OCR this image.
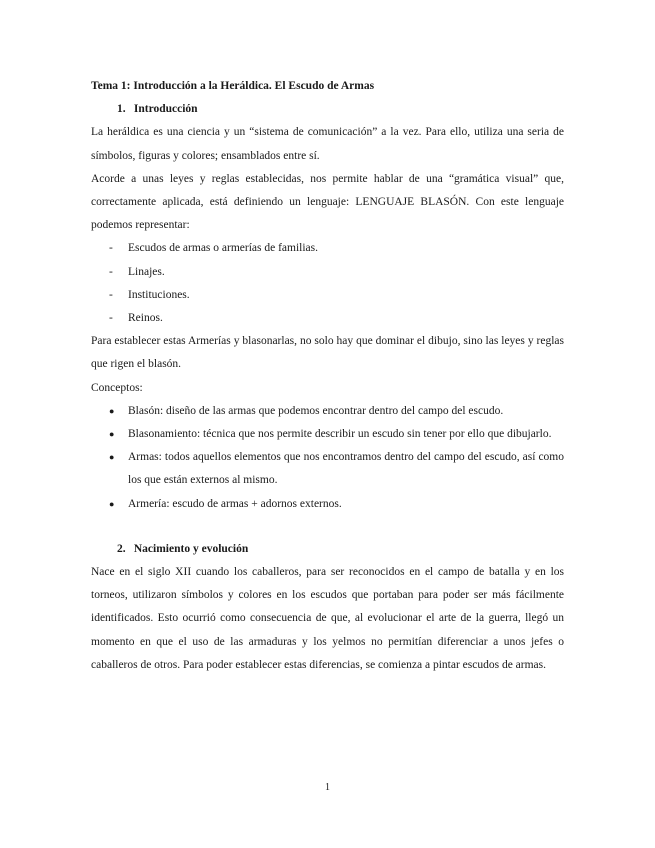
Tema 1: Introducción a la Heráldica. El Escudo de Armas

1. Introducción

La heráldica es una ciencia y un “sistema de comunicación” a la vez. Para ello, utiliza una seria de símbolos, figuras y colores; ensamblados entre sí.

Acorde a unas leyes y reglas establecidas, nos permite hablar de una “gramática visual” que, correctamente aplicada, está definiendo un lenguaje: LENGUAJE BLASÓN. Con este lenguaje podemos representar:

- Escudos de armas o armerías de familias.
- Linajes.
- Instituciones.
- Reinos.

Para establecer estas Armerías y blasonarlas, no solo hay que dominar el dibujo, sino las leyes y reglas que rigen el blasón.

Conceptos:

● Blasón: diseño de las armas que podemos encontrar dentro del campo del escudo.
● Blasonamiento: técnica que nos permite describir un escudo sin tener por ello que dibujarlo.
● Armas: todos aquellos elementos que nos encontramos dentro del campo del escudo, así como los que están externos al mismo.
● Armería: escudo de armas + adornos externos.

2. Nacimiento y evolución

Nace en el siglo XII cuando los caballeros, para ser reconocidos en el campo de batalla y en los torneos, utilizaron símbolos y colores en los escudos que portaban para poder ser más fácilmente identificados. Esto ocurrió como consecuencia de que, al evolucionar el arte de la guerra, llegó un momento en que el uso de las armaduras y los yelmos no permitían diferenciar a unos jefes o caballeros de otros. Para poder establecer estas diferencias, se comienza a pintar escudos de armas.

1
